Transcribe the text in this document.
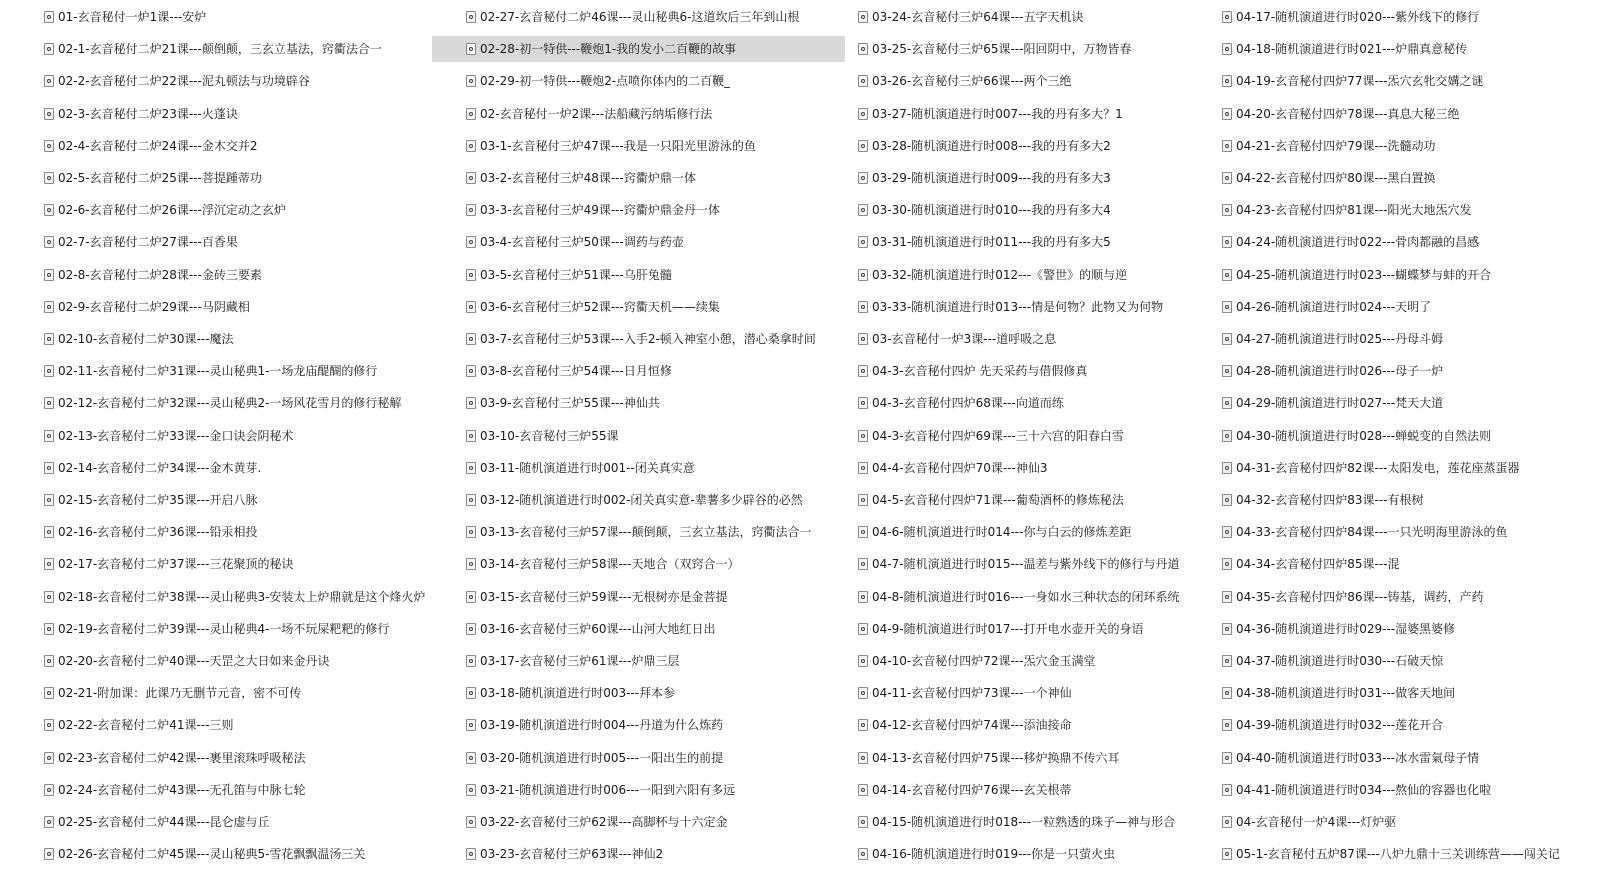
01-玄音秘付一炉1课---安炉
02-1-玄音秘付二炉21课---颠倒颠，三玄立基法，窍衢法合一
02-2-玄音秘付二炉22课---泥丸顿法与功境辟谷
02-3-玄音秘付二炉23课---火蓬诀
02-4-玄音秘付二炉24课---金木交并2
02-5-玄音秘付二炉25课---菩提踵蒂功
02-6-玄音秘付二炉26课---浮沉定动之玄炉
02-7-玄音秘付二炉27课---百香果
02-8-玄音秘付二炉28课---金砖三要素
02-9-玄音秘付二炉29课---马阴藏相
02-10-玄音秘付二炉30课---魔法
02-11-玄音秘付二炉31课---灵山秘典1-一场龙庙醍醐的修行
02-12-玄音秘付二炉32课---灵山秘典2-一场风花雪月的修行秘解
02-13-玄音秘付二炉33课---金口诀会阴秘术
02-14-玄音秘付二炉34课---金木黄芽.
02-15-玄音秘付二炉35课---开启八脉
02-16-玄音秘付二炉36课---铅汞相投
02-17-玄音秘付二炉37课---三花聚顶的秘诀
02-18-玄音秘付二炉38课---灵山秘典3-安装太上炉鼎就是这个烽火炉
02-19-玄音秘付二炉39课---灵山秘典4-一场不玩屎粑粑的修行
02-20-玄音秘付二炉40课---天罡之大日如来金丹诀
02-21-附加课：此课乃无删节元音，密不可传
02-22-玄音秘付二炉41课---三则
02-23-玄音秘付二炉42课---裹里滚珠呼吸秘法
02-24-玄音秘付二炉43课---无孔笛与中脉七轮
02-25-玄音秘付二炉44课---昆仑虚与丘
02-26-玄音秘付二炉45课---灵山秘典5-雪花飘飘温汤三关
02-27-玄音秘付二炉46课---灵山秘典6-这道坎后三年到山根
02-28-初一特供---鞭炮1-我的发小二百鞭的故事
02-29-初一特供---鞭炮2-点喷你体内的二百鞭_
02-玄音秘付一炉2课---法船藏污纳垢修行法
03-1-玄音秘付三炉47课---我是一只阳光里游泳的鱼
03-2-玄音秘付三炉48课---窍衢炉鼎一体
03-3-玄音秘付三炉49课---窍衢炉鼎金丹一体
03-4-玄音秘付三炉50课---调药与药壶
03-5-玄音秘付三炉51课---乌肝兔髓
03-6-玄音秘付三炉52课---窍衢天机——续集
03-7-玄音秘付三炉53课---入手2-顿入神室小憩，潜心桑拿时间
03-8-玄音秘付三炉54课---日月恒修
03-9-玄音秘付三炉55课---神仙共
03-10-玄音秘付三炉55课
03-11-随机演道进行时001--闭关真实意
03-12-随机演道进行时002-闭关真实意-辈薯多少辟谷的必然
03-13-玄音秘付三炉57课---颠倒颠，三玄立基法，窍衢法合一
03-14-玄音秘付三炉58课---天地合（双窍合一）
03-15-玄音秘付三炉59课---无根树亦是金菩提
03-16-玄音秘付三炉60课---山河大地红日出
03-17-玄音秘付三炉61课---炉鼎三层
03-18-随机演道进行时003---拜本参
03-19-随机演道进行时004---丹道为什么炼药
03-20-随机演道进行时005---一阳出生的前提
03-21-随机演道进行时006---一阳到六阳有多远
03-22-玄音秘付三炉62课---高脚杯与十六定金
03-23-玄音秘付三炉63课---神仙2
03-24-玄音秘付三炉64课---五字天机诀
03-25-玄音秘付三炉65课---阳回阴中，万物皆春
03-26-玄音秘付三炉66课---两个三绝
03-27-随机演道进行时007---我的丹有多大？1
03-28-随机演道进行时008---我的丹有多大2
03-29-随机演道进行时009---我的丹有多大3
03-30-随机演道进行时010---我的丹有多大4
03-31-随机演道进行时011---我的丹有多大5
03-32-随机演道进行时012---《警世》的顺与逆
03-33-随机演道进行时013---情是何物？此物又为何物
03-玄音秘付一炉3课---道呼吸之息
04-3-玄音秘付四炉 先天采药与借假修真
04-3-玄音秘付四炉68课---向道而练
04-3-玄音秘付四炉69课---三十六宫的阳春白雪
04-4-玄音秘付四炉70课---神仙3
04-5-玄音秘付四炉71课---葡萄酒杯的修炼秘法
04-6-随机演道进行时014---你与白云的修炼差距
04-7-随机演道进行时015---温差与紫外线下的修行与丹道
04-8-随机演道进行时016---一身如水三种状态的闭环系统
04-9-随机演道进行时017---打开电水壶开关的身语
04-10-玄音秘付四炉72课---炁穴金玉满堂
04-11-玄音秘付四炉73课---一个神仙
04-12-玄音秘付四炉74课---添油接命
04-13-玄音秘付四炉75课---移炉换鼎不传六耳
04-14-玄音秘付四炉76课---玄关根蒂
04-15-随机演道进行时018---一粒熟透的珠子—神与形合
04-16-随机演道进行时019---你是一只萤火虫
04-17-随机演道进行时020---紫外线下的修行
04-18-随机演道进行时021---炉鼎真意秘传
04-19-玄音秘付四炉77课---炁穴玄牝交媾之谜
04-20-玄音秘付四炉78课---真息大秘三绝
04-21-玄音秘付四炉79课---洗髓动功
04-22-玄音秘付四炉80课---黑白置换
04-23-玄音秘付四炉81课---阳光大地炁穴发
04-24-随机演道进行时022---骨肉都融的昌感
04-25-随机演道进行时023---蝴蝶梦与蚌的开合
04-26-随机演道进行时024---天明了
04-27-随机演道进行时025---丹母斗姆
04-28-随机演道进行时026---母子一炉
04-29-随机演道进行时027---梵天大道
04-30-随机演道进行时028---蝉蜕变的自然法则
04-31-玄音秘付四炉82课---太阳发电，莲花座蒸蛋器
04-32-玄音秘付四炉83课---有根树
04-33-玄音秘付四炉84课---一只光明海里游泳的鱼
04-34-玄音秘付四炉85课---混
04-35-玄音秘付四炉86课---铸基，调药，产药
04-36-随机演道进行时029---湿婆黑婆修
04-37-随机演道进行时030---石破天惊
04-38-随机演道进行时031---做客天地间
04-39-随机演道进行时032---莲花开合
04-40-随机演道进行时033---冰水雷氣母子情
04-41-随机演道进行时034---熬仙的容器也化啦
04-玄音秘付一炉4课---灯炉驱
05-1-玄音秘付五炉87课---八炉九鼎十三关训练营——闯关记
